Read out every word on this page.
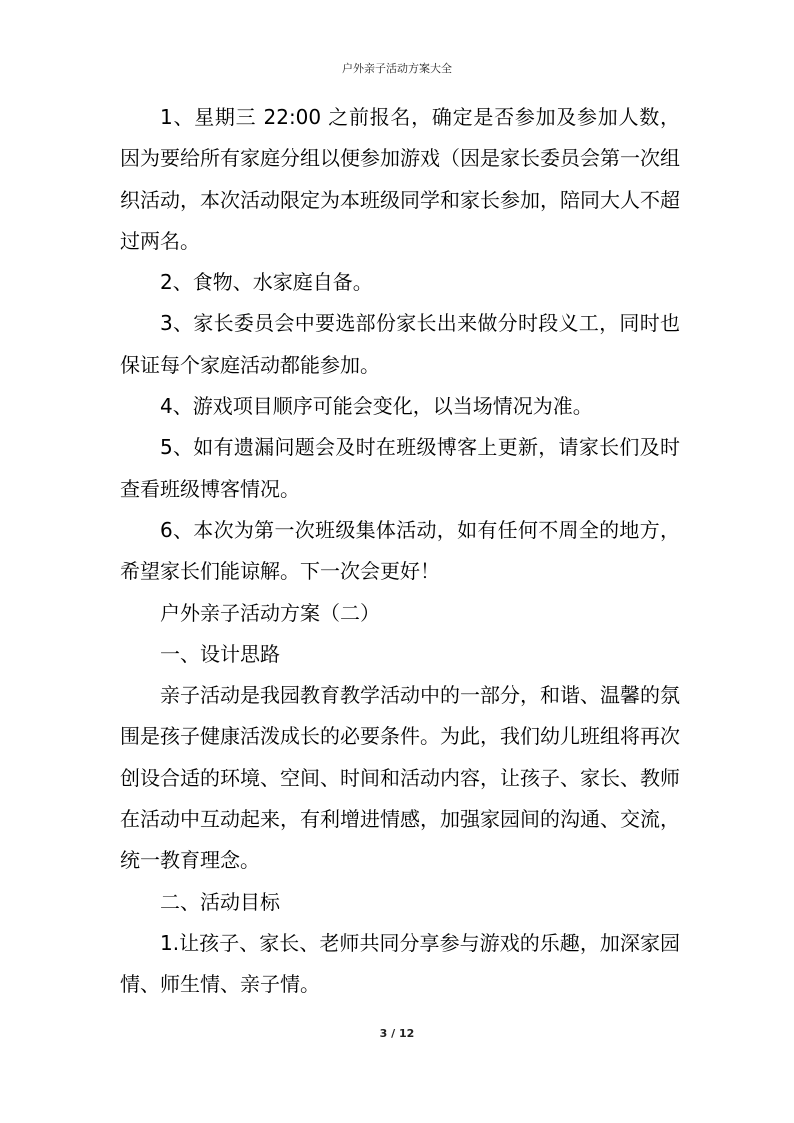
户外亲子活动方案大全

1、星期三 22:00 之前报名，确定是否参加及参加人数，因为要给所有家庭分组以便参加游戏（因是家长委员会第一次组织活动，本次活动限定为本班级同学和家长参加，陪同大人不超过两名。

2、食物、水家庭自备。

3、家长委员会中要选部份家长出来做分时段义工，同时也保证每个家庭活动都能参加。

4、游戏项目顺序可能会变化，以当场情况为准。

5、如有遗漏问题会及时在班级博客上更新，请家长们及时查看班级博客情况。

6、本次为第一次班级集体活动，如有任何不周全的地方，希望家长们能谅解。下一次会更好！

户外亲子活动方案（二）

一、设计思路

亲子活动是我园教育教学活动中的一部分，和谐、温馨的氛围是孩子健康活泼成长的必要条件。为此，我们幼儿班组将再次创设合适的环境、空间、时间和活动内容，让孩子、家长、教师在活动中互动起来，有利增进情感，加强家园间的沟通、交流，统一教育理念。

二、活动目标

1.让孩子、家长、老师共同分享参与游戏的乐趣，加深家园情、师生情、亲子情。

3 / 12
